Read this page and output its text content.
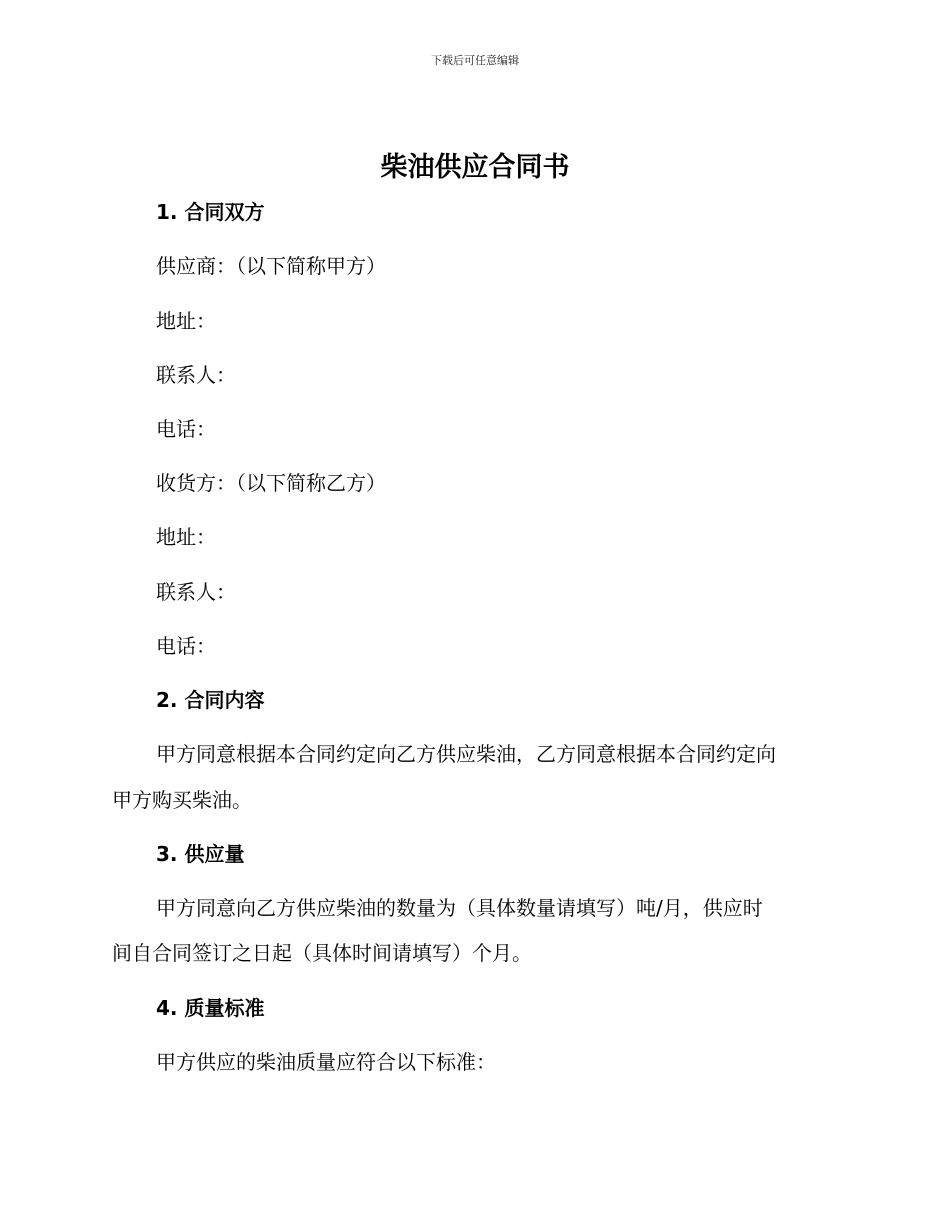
下载后可任意编辑
柴油供应合同书
1. 合同双方
供应商：（以下简称甲方）
地址：
联系人：
电话：
收货方：（以下简称乙方）
地址：
联系人：
电话：
2. 合同内容
甲方同意根据本合同约定向乙方供应柴油，乙方同意根据本合同约定向
甲方购买柴油。
3. 供应量
甲方同意向乙方供应柴油的数量为（具体数量请填写）吨/月，供应时
间自合同签订之日起（具体时间请填写）个月。
4. 质量标准
甲方供应的柴油质量应符合以下标准：
